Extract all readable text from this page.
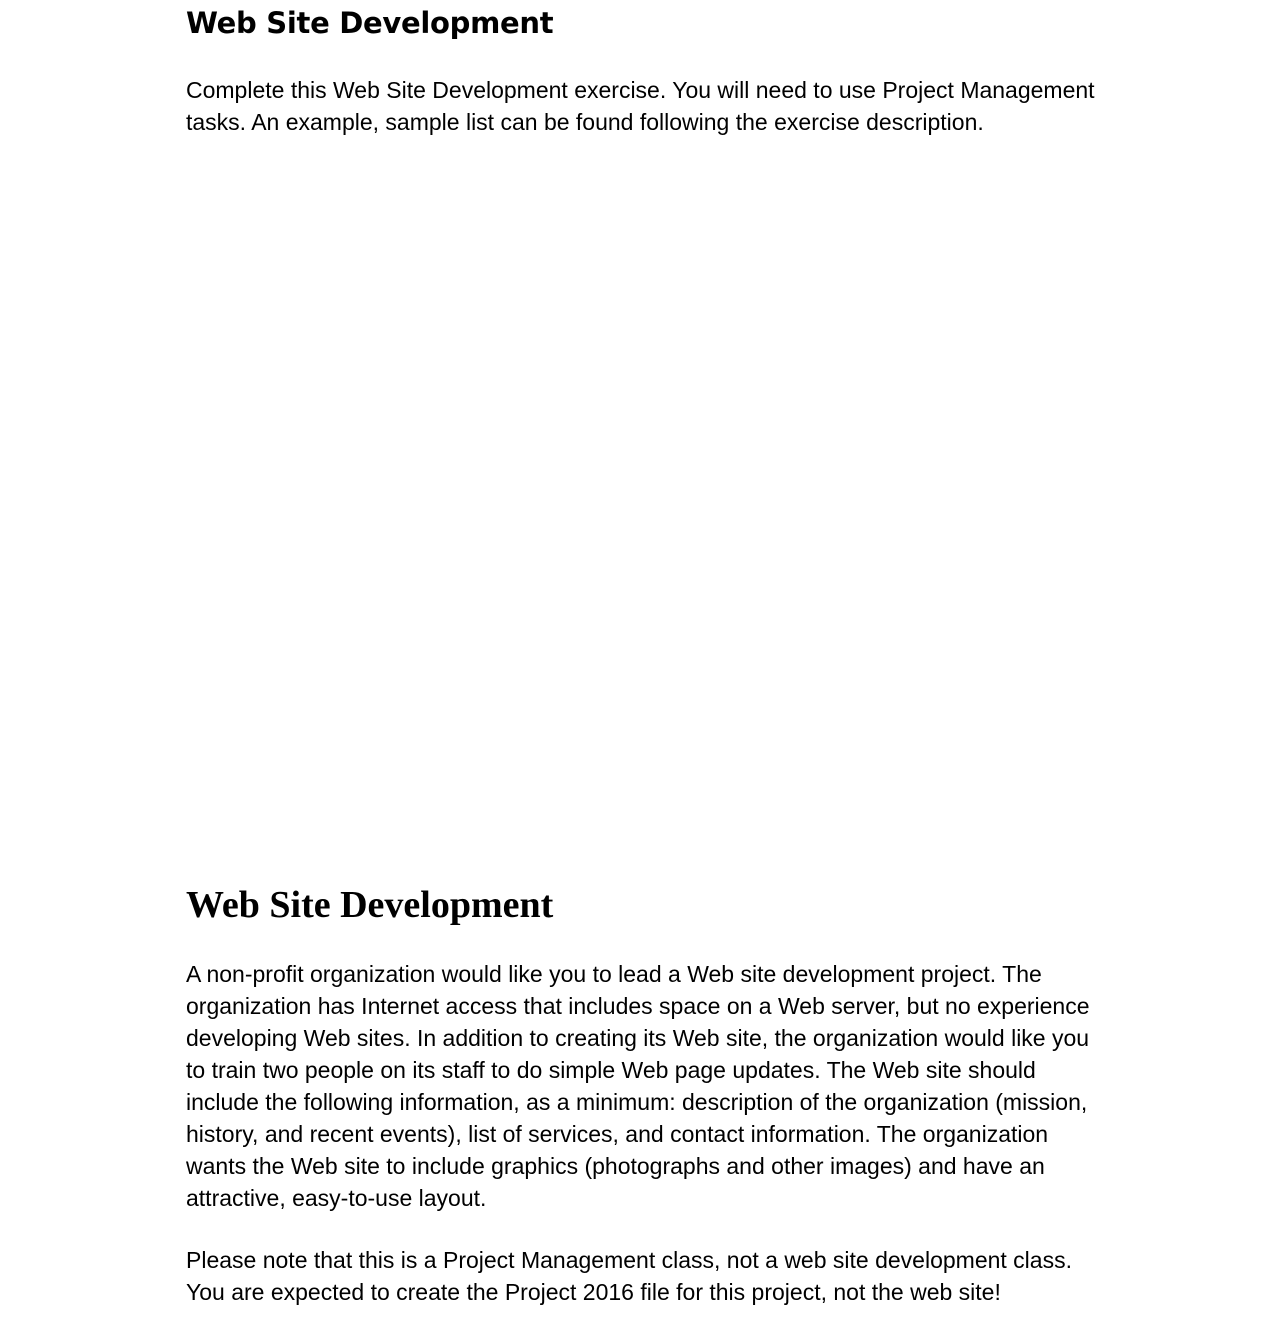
Web Site Development

Complete this Web Site Development exercise. You will need to use Project Management tasks. An example, sample list can be found following the exercise description.

Web Site Development

A non-profit organization would like you to lead a Web site development project. The organization has Internet access that includes space on a Web server, but no experience developing Web sites. In addition to creating its Web site, the organization would like you to train two people on its staff to do simple Web page updates. The Web site should include the following information, as a minimum: description of the organization (mission, history, and recent events), list of services, and contact information. The organization wants the Web site to include graphics (photographs and other images) and have an attractive, easy-to-use layout.

Please note that this is a Project Management class, not a web site development class. You are expected to create the Project 2016 file for this project, not the web site!
